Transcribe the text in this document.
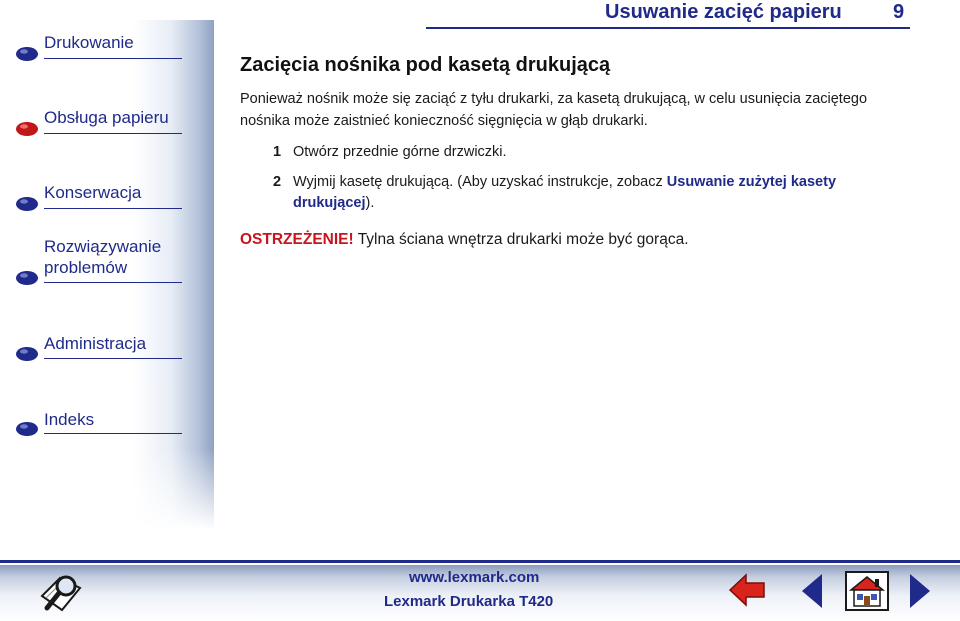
Drukowanie
Obsługa papieru
Konserwacja
Rozwiązywanie
problemów
Administracja
Indeks
Usuwanie zacięć papieru	9
Zacięcia nośnika pod kasetą drukującą

Ponieważ nośnik może się zaciąć z tyłu drukarki, za kasetą drukującą, w celu usunięcia zaciętego nośnika może zaistnieć konieczność sięgnięcia w głąb drukarki.

1 Otwórz przednie górne drzwiczki.
2 Wyjmij kasetę drukującą. (Aby uzyskać instrukcje, zobacz Usuwanie zużytej kasety drukującej).
OSTRZEŻENIE! Tylna ściana wnętrza drukarki może być gorąca.
www.lexmark.com
Lexmark Drukarka T420
